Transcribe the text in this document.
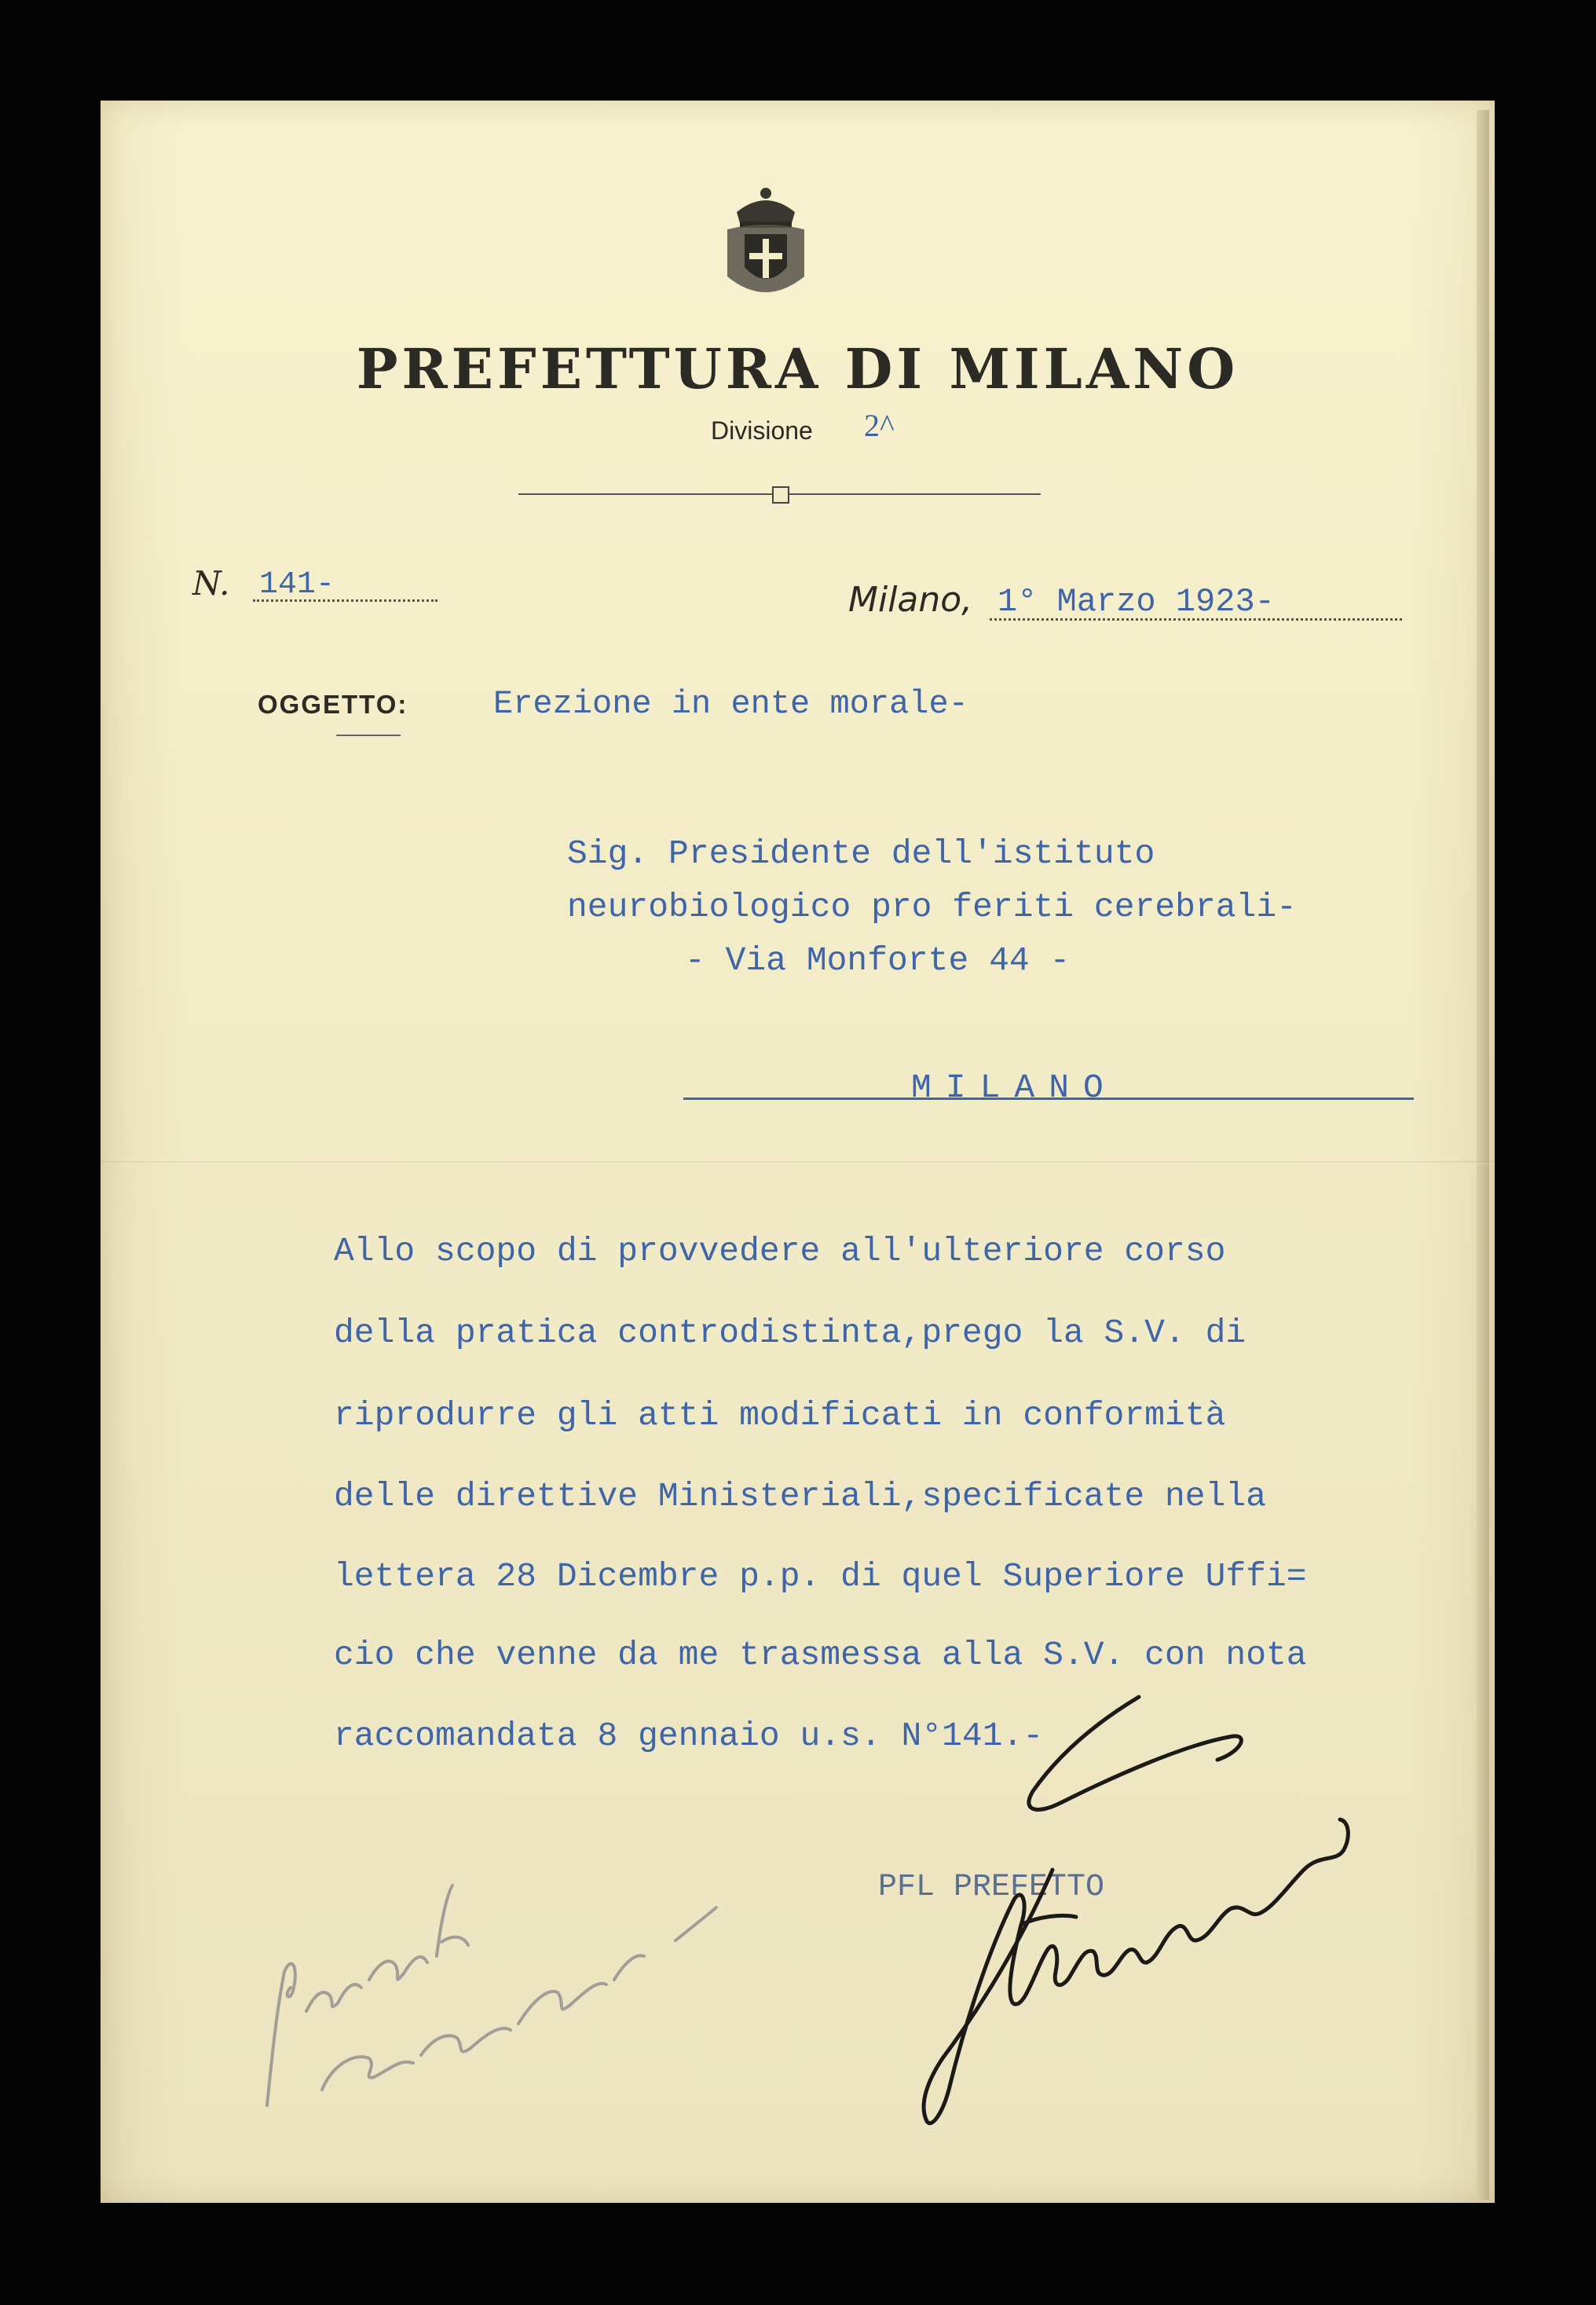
PREFETTURA DI MILANO
Divisione 2^
N. 141-	Milano, 1° Marzo 1923-
OGGETTO:	Erezione in ente morale-
Sig. Presidente dell'istituto
neurobiologico pro feriti cerebrali-
- Via Monforte 44 -
MILANO
Allo scopo di provvedere all'ulteriore corso
della pratica controdistinta,prego la S.V. di
riprodurre gli atti modificati in conformità
delle direttive Ministeriali,specificate nella
lettera 28 Dicembre p.p. di quel Superiore Uffi=
cio che venne da me trasmessa alla S.V. con nota
raccomandata 8 gennaio u.s. N°141.-
PFL PREFETTO
